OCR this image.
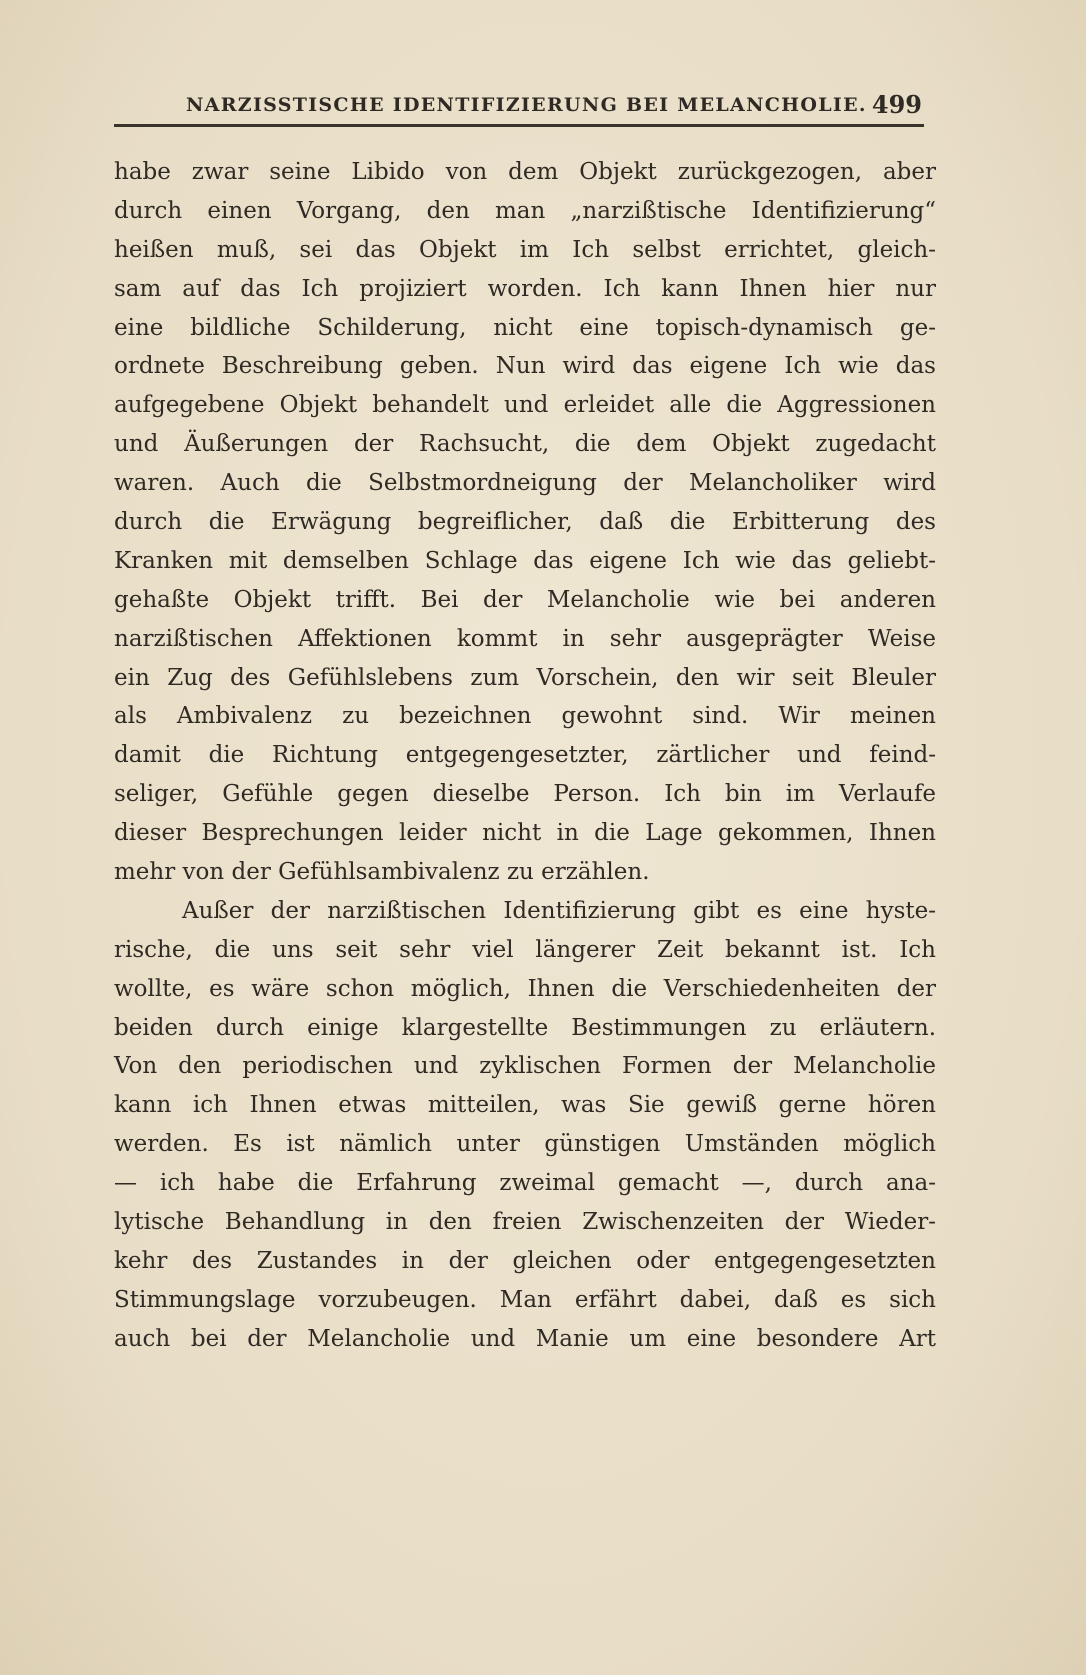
NARZISSTISCHE IDENTIFIZIERUNG BEI MELANCHOLIE. 499
habe zwar seine Libido von dem Objekt zurückgezogen, aber
durch einen Vorgang, den man „narzißtische Identifizierung“
heißen muß, sei das Objekt im Ich selbst errichtet, gleich-
sam auf das Ich projiziert worden. Ich kann Ihnen hier nur
eine bildliche Schilderung, nicht eine topisch-dynamisch ge-
ordnete Beschreibung geben. Nun wird das eigene Ich wie das
aufgegebene Objekt behandelt und erleidet alle die Aggressionen
und Äußerungen der Rachsucht, die dem Objekt zugedacht
waren. Auch die Selbstmordneigung der Melancholiker wird
durch die Erwägung begreiflicher, daß die Erbitterung des
Kranken mit demselben Schlage das eigene Ich wie das geliebt-
gehaßte Objekt trifft. Bei der Melancholie wie bei anderen
narzißtischen Affektionen kommt in sehr ausgeprägter Weise
ein Zug des Gefühlslebens zum Vorschein, den wir seit Bleuler
als Ambivalenz zu bezeichnen gewohnt sind. Wir meinen
damit die Richtung entgegengesetzter, zärtlicher und feind-
seliger, Gefühle gegen dieselbe Person. Ich bin im Verlaufe
dieser Besprechungen leider nicht in die Lage gekommen, Ihnen
mehr von der Gefühlsambivalenz zu erzählen.
Außer der narzißtischen Identifizierung gibt es eine hyste-
rische, die uns seit sehr viel längerer Zeit bekannt ist. Ich
wollte, es wäre schon möglich, Ihnen die Verschiedenheiten der
beiden durch einige klargestellte Bestimmungen zu erläutern.
Von den periodischen und zyklischen Formen der Melancholie
kann ich Ihnen etwas mitteilen, was Sie gewiß gerne hören
werden. Es ist nämlich unter günstigen Umständen möglich
— ich habe die Erfahrung zweimal gemacht —, durch ana-
lytische Behandlung in den freien Zwischenzeiten der Wieder-
kehr des Zustandes in der gleichen oder entgegengesetzten
Stimmungslage vorzubeugen. Man erfährt dabei, daß es sich
auch bei der Melancholie und Manie um eine besondere Art
